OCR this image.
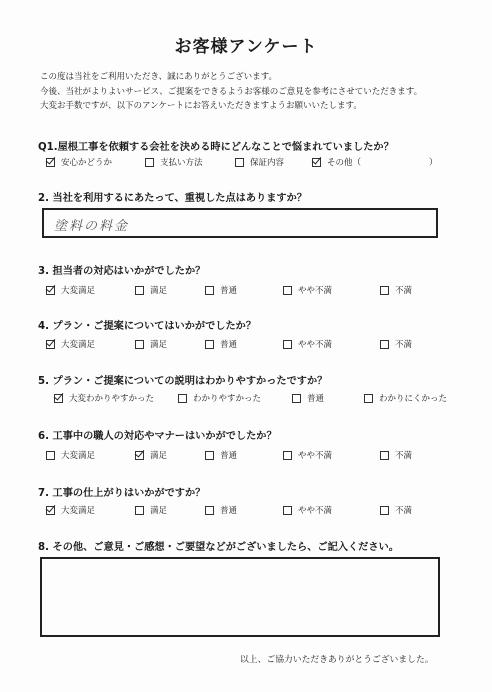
お客様アンケート
この度は当社をご利用いただき、誠にありがとうございます。
今後、当社がよりよいサービス、ご提案をできるようお客様のご意見を参考にさせていただきます。
大変お手数ですが、以下のアンケートにお答えいただきますようお願いいたします。
Q1.屋根工事を依頼する会社を決める時にどんなことで悩まれていましたか？
安心かどうか	支払い方法	保証内容	その他（　　　　　　　　）
2. 当社を利用するにあたって、重視した点はありますか？
塗料の料金
3. 担当者の対応はいかがでしたか？
大変満足	満足	普通	やや不満	不満
4. プラン・ご提案についてはいかがでしたか？
大変満足	満足	普通	やや不満	不満
5. プラン・ご提案についての説明はわかりやすかったですか？
大変わかりやすかった	わかりやすかった	普通	わかりにくかった
6. 工事中の職人の対応やマナーはいかがでしたか？
大変満足	満足	普通	やや不満	不満
7. 工事の仕上がりはいかがですか？
大変満足	満足	普通	やや不満	不満
8. その他、ご意見・ご感想・ご要望などがございましたら、ご記入ください。
以上、ご協力いただきありがとうございました。
